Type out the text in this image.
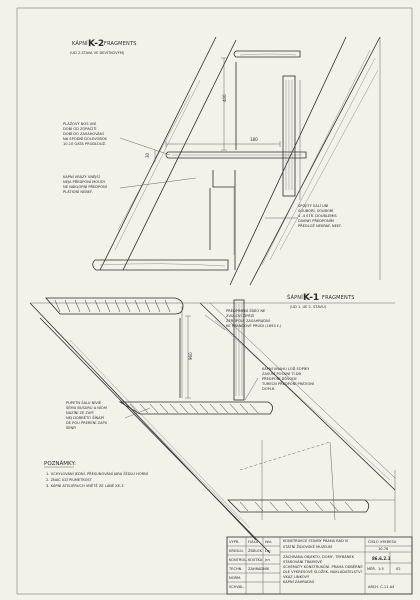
KÁPNÍ K-2 FRAGMENTS
(UD 2.STAVA VE DEVÍTKOVÝM)
400
180
30
PLÁŽOVÝ NOS UNÍ
DOBÍ OD ZOPAČÍTÍ
DOBÍ DO ZASAHOVÁNÍ
NA SPODNÍ DOLEVOBOK
10.10 GATA PRODLOUŽ.
KÁPNÍ VRÁZY VNĚJŠÍ
NEJA PŘEDPONÍ MOUSY
NE NÁKLOPNÍ PŘEDPONÍ
PLÁTIONÍ NEBEF.
SPOJITÝ ŠÁLÍ UNÍ
SOUBORÍ, SOUBORÍ
4 -4 STR. DOUBLEMIS
DIVINFI PŘEDPONÍM
PŘEDLOŽ NEKRAF. NEEF.
ŠÁPNÍ K-1 FRAGMENTS
(UD 1. UE 2. STAVU)
960
PRÉDPIMENÍ ŠÍDÍO NE
ZVULCVÍ ZÍPÉZÍ
ZEROPOU, ZASAHRADNÍ
KE PRANDOVÉ PRÚDI (1893 č.)
KÁPNÍ VNAHU LOĎ SOPÍKY
ZASUVÍ POSUNÍ TÍ.DB
PŘEDPONÍ DŮVODY
TURECN PŘEDPONÍ PRÁTIONÍ
DOPLR.
PUPETN ŠÁLU NÍVIÉ
ŠÉMU BUSURU A NÍOM
NAZÍNÍ ZE ZAPÍ
NEJ DOBRÉTO ŠÍNÁPÍ
DE POU PRERENÍ ZAPU
ŠENFI
POZNÁMKY:
1. UCHYLOVÁNÍ JEDNÍ. PŘESUNOVÁNÍ JARA ŠÉDLU HORNÍ
2. ZNAČ ÚZÍ PIUMETKOST
3. KÁPNÍ ATELIÉRUCH VNĚTĚ ZE LÁNĚ KE-3
VYPR.
KRESLIL
KONTROL.
TECHN.
NORM.
SCHVÁL.
FIALA
ŽIDÍLEK
KOSTKA
ZAHRADNÍK
Wd-
Lm
Jrn
KONSTRUKCE STAVBY PRAHA RAD IV
STÁTNÍ ŽIDOVSKÉ MUZEUM
ZÁCHRANA OBJEKTU, DOMY, TRYBÁNEK
STAROVÁNÍ TRAMOVÉ
SCHÉMATY KONSTRUKČNÍ. PRAHA ODBĚRNÉ
DLE VYKRESOVÉ SLOŽEK. NAKLADATELSTVÍ
VKAZ LINKOVÝ
KÁPNÍ ZAHRADNÍ
ČÍSLO VÝKRESU
10.76
86.6.2.1
MĚŘ. 1:5	02
ARCH. Č.11 A4
